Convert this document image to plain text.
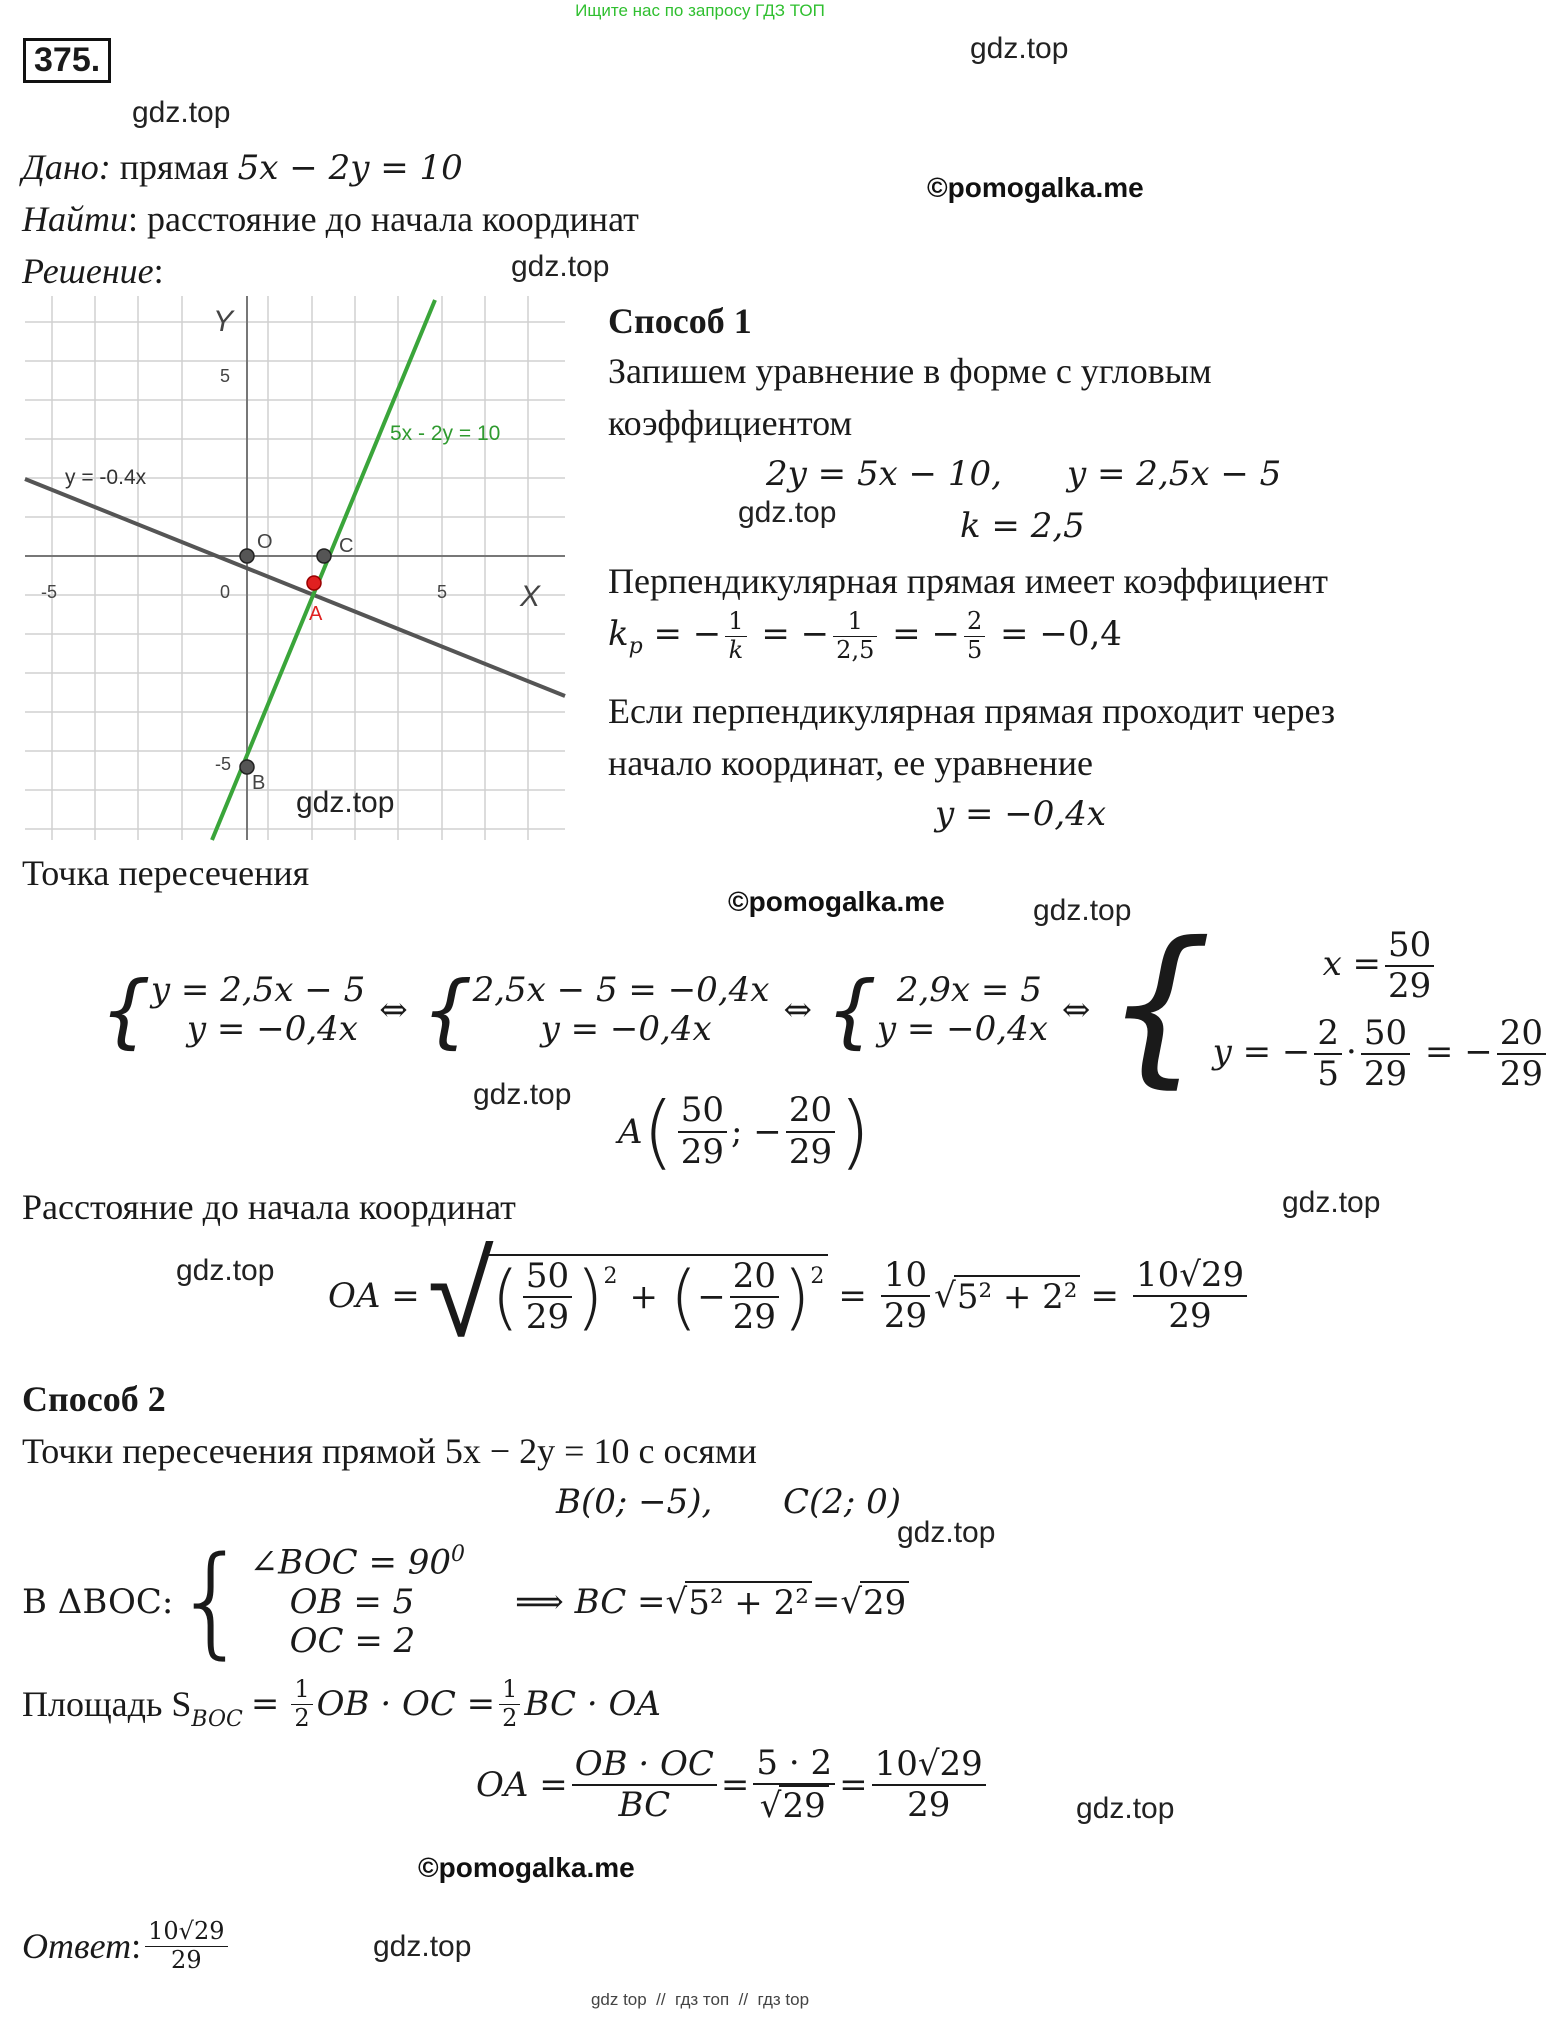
Ищите нас по запросу ГДЗ ТОП
375.	gdz.top
gdz.top
©pomogalka.me
gdz.top
Дано: прямая 5x − 2y = 10
Найти: расстояние до начала координат
Решение:
X
Y
-5	0	5
5
-5
5x - 2y = 10
y = -0.4x
O	C
A
B
gdz.top
Способ 1
Запишем уравнение в форме с угловым
коэффициентом
2y = 5x − 10, y = 2,5x − 5
gdz.top	k = 2,5
Перпендикулярная прямая имеет коэффициент
$k_p$ = − $\frac{1}{k}$ = − $\frac{1}{2,5}$ = − $\frac{2}{5} = -0,4$
Если перпендикулярная прямая проходит через
начало координат, ее уравнение
y = −0,4x
Точка пересечения
©pomogalka.me	gdz.top
{ y = 2,5x − 5
y = −0,4x ⇔ { 2,5x − 5 = −0,4x
y = −0,4x	⇔ { 2,9x = 5
y = −0,4x ⇔ {	$x = \frac{50}{29}$
y = − $\frac{2}{5} \cdot \frac{50}{29}$ = − $\frac{20}{29}$
gdz.top
A ( $\frac{50}{29}$ ; − $\frac{20}{29}$ )
Расстояние до начала координат	gdz.top
gdz.top
OA = √
( $\frac{50}{29} )^2$
+ ( − $\frac{20}{29} )^2 = \frac{10}{29}$ √ $5^2 + 2^2 = \frac{10√29}{29}$
Способ 2
Точки пересечения прямой 5x − 2y = 10 с осями
B(0; −5), C(2; 0)
gdz.top
В ΔBOC: { ∠BOC = $90^0$
OB = 5
OC = 2
⟹ BC = √ 5² + 2² = √ 29
Площадь $S_{BOC} = \frac{1}{2}$ OB · OC = $\frac{1}{2}$ BC · OA
OA = $\frac{OB \cdot OC}{BC} = \frac{5 \cdot 2}{√29} = \frac{10√29}{29}$	gdz.top
©pomogalka.me
Ответ : $\frac{10√29}{29}$	gdz.top
gdz top  //  гдз топ  //  гдз top
